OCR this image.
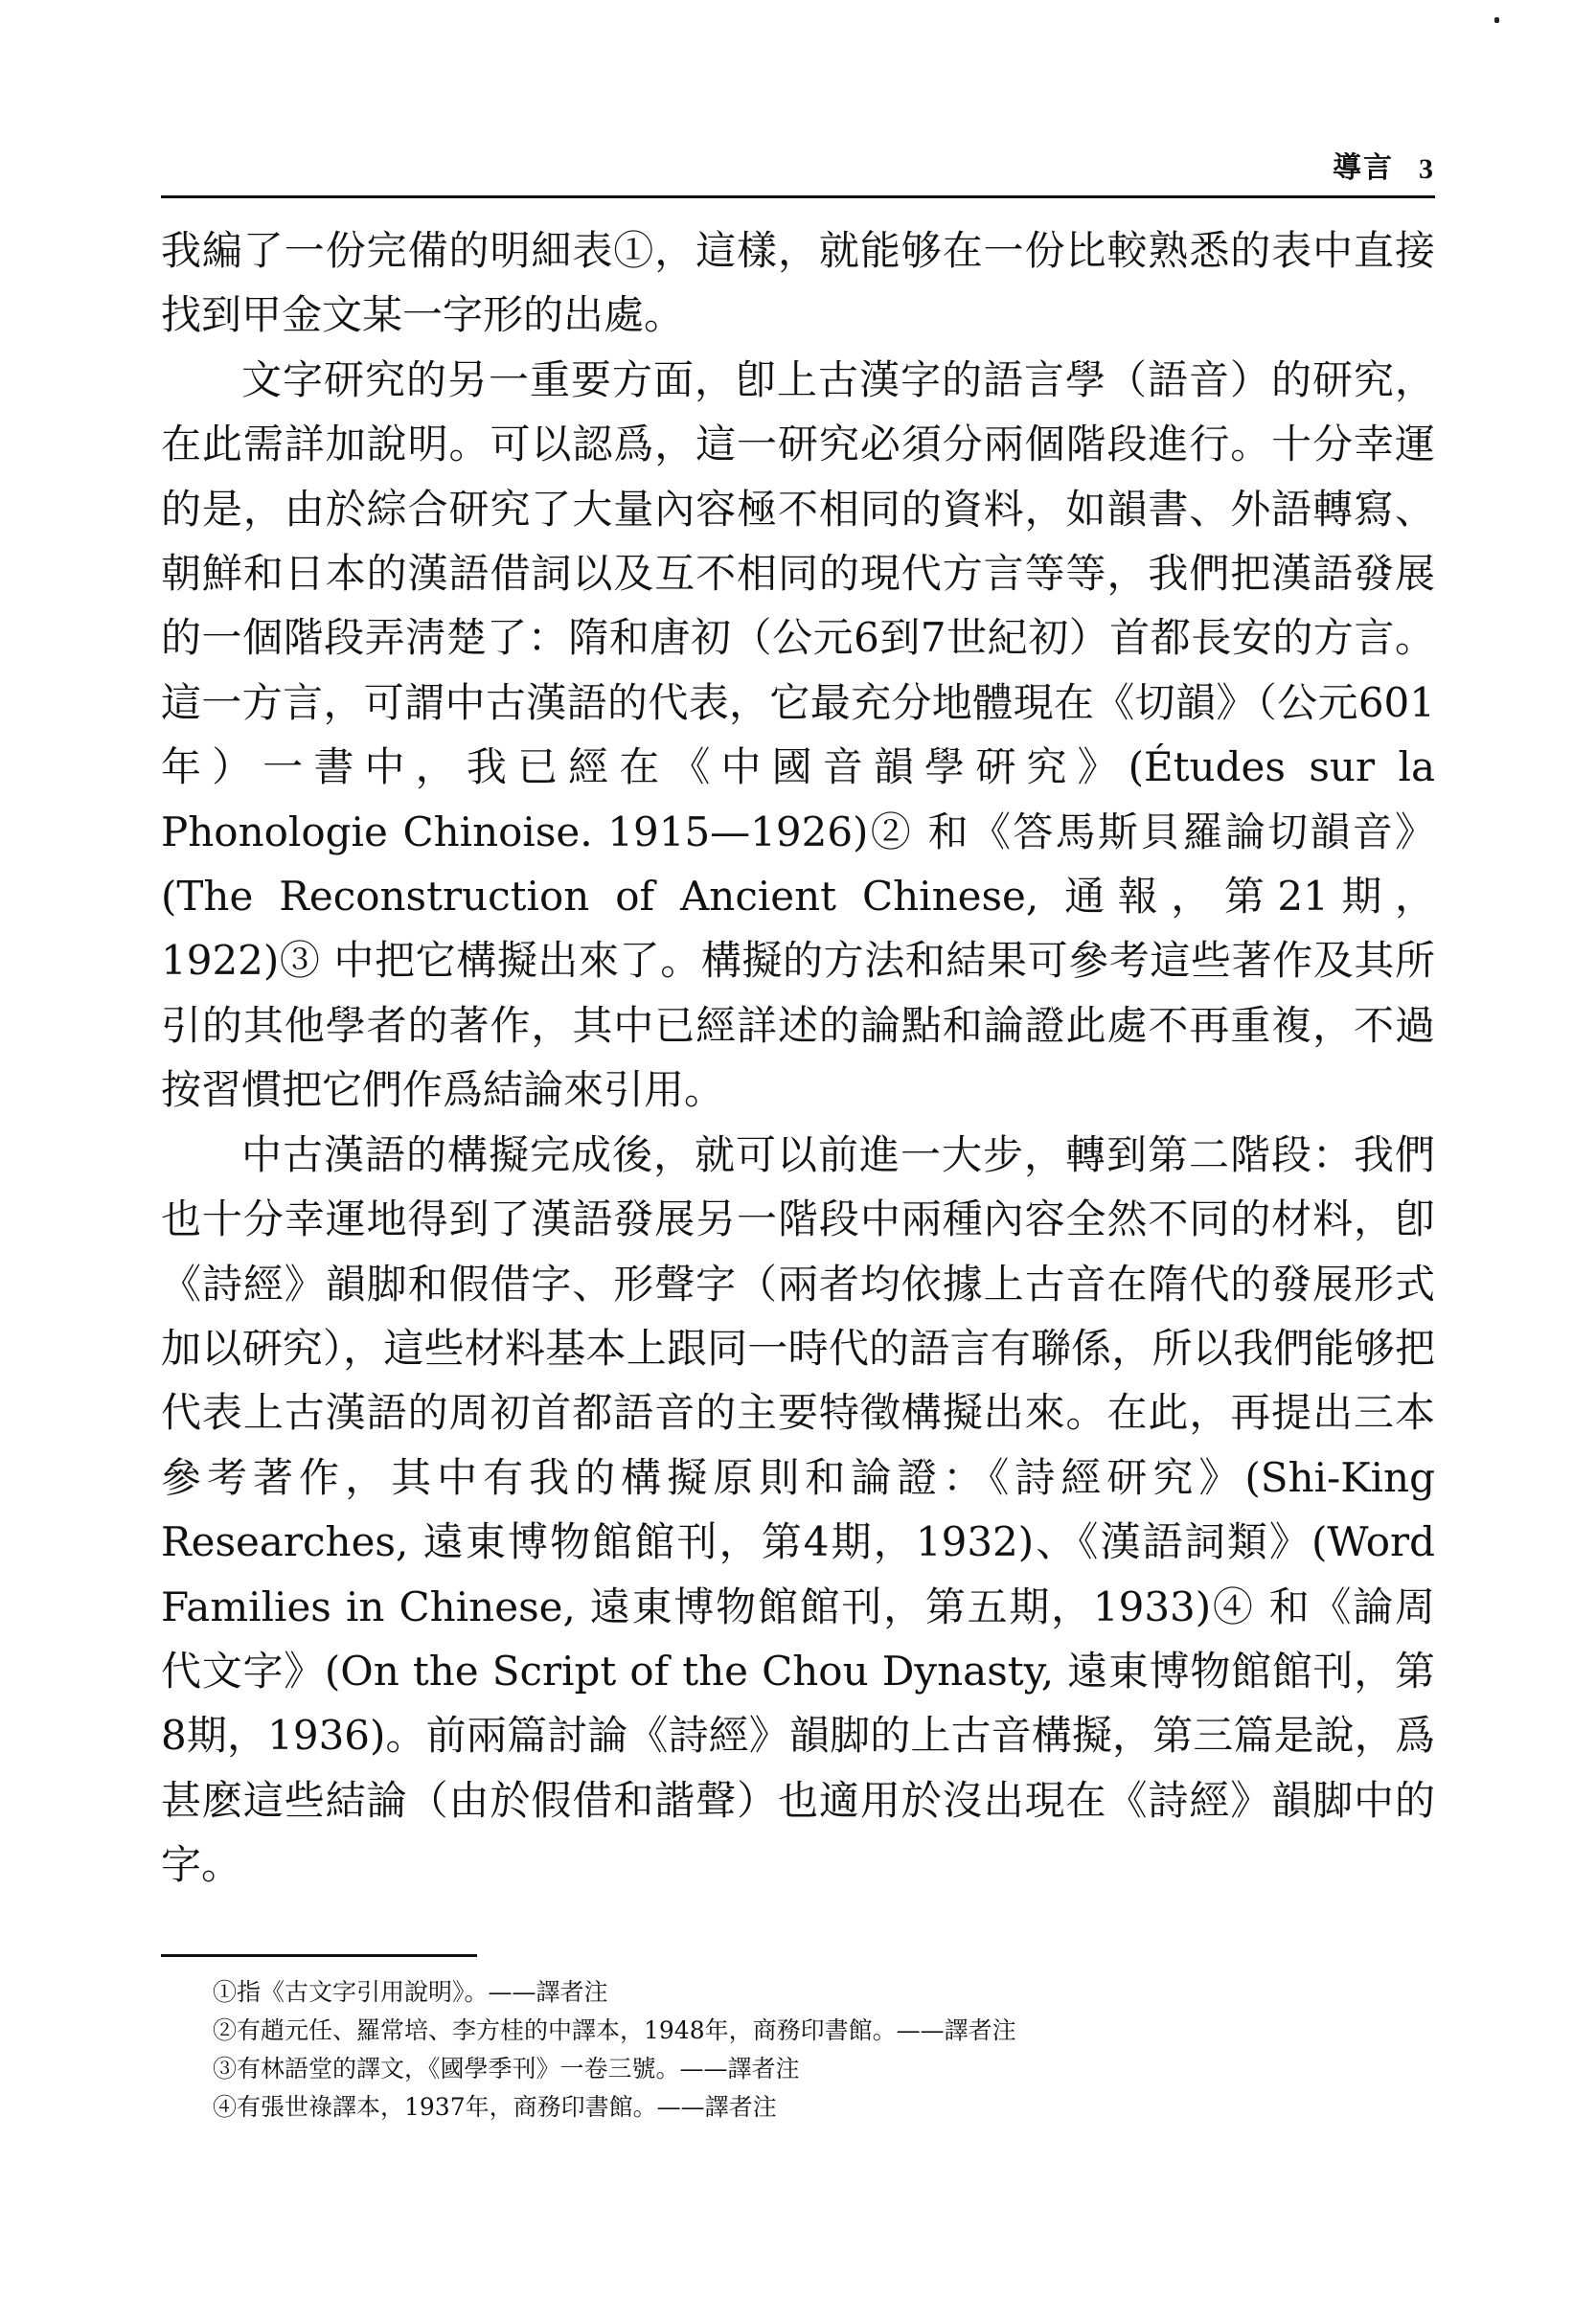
導言 3

我編了一份完備的明細表①，這樣，就能够在一份比較熟悉的表中直接找到甲金文某一字形的出處。

文字研究的另一重要方面，卽上古漢字的語言學（語音）的研究，在此需詳加說明。可以認爲，這一研究必須分兩個階段進行。十分幸運的是，由於綜合研究了大量內容極不相同的資料，如韻書、外語轉寫、朝鮮和日本的漢語借詞以及互不相同的現代方言等等，我們把漢語發展的一個階段弄淸楚了：隋和唐初（公元6到7世紀初）首都長安的方言。這一方言，可謂中古漢語的代表，它最充分地體現在《切韻》（公元601年）一書中，我已經在《中國音韻學硏究》(Études sur la Phonologie Chinoise. 1915—1926)② 和《答馬斯貝羅論切韻音》(The Reconstruction of Ancient Chinese, 通報，第21期，1922)③ 中把它構擬出來了。構擬的方法和結果可參考這些著作及其所引的其他學者的著作，其中已經詳述的論點和論證此處不再重複，不過按習慣把它們作爲結論來引用。

中古漢語的構擬完成後，就可以前進一大步，轉到第二階段：我們也十分幸運地得到了漢語發展另一階段中兩種內容全然不同的材料，卽《詩經》韻脚和假借字、形聲字（兩者均依據上古音在隋代的發展形式加以硏究），這些材料基本上跟同一時代的語言有聯係，所以我們能够把代表上古漢語的周初首都語音的主要特徵構擬出來。在此，再提出三本參考著作，其中有我的構擬原則和論證：《詩經研究》(Shi-King Researches, 遠東博物館館刊，第4期，1932)、《漢語詞類》(Word Families in Chinese, 遠東博物館館刊，第五期，1933)④ 和《論周代文字》(On the Script of the Chou Dynasty, 遠東博物館館刊，第8期，1936)。前兩篇討論《詩經》韻脚的上古音構擬，第三篇是說，爲甚麽這些結論（由於假借和諧聲）也適用於沒出現在《詩經》韻脚中的字。

①指《古文字引用說明》。——譯者注
②有趙元任、羅常培、李方桂的中譯本，1948年，商務印書館。——譯者注
③有林語堂的譯文，《國學季刊》一卷三號。——譯者注
④有張世祿譯本，1937年，商務印書館。——譯者注
